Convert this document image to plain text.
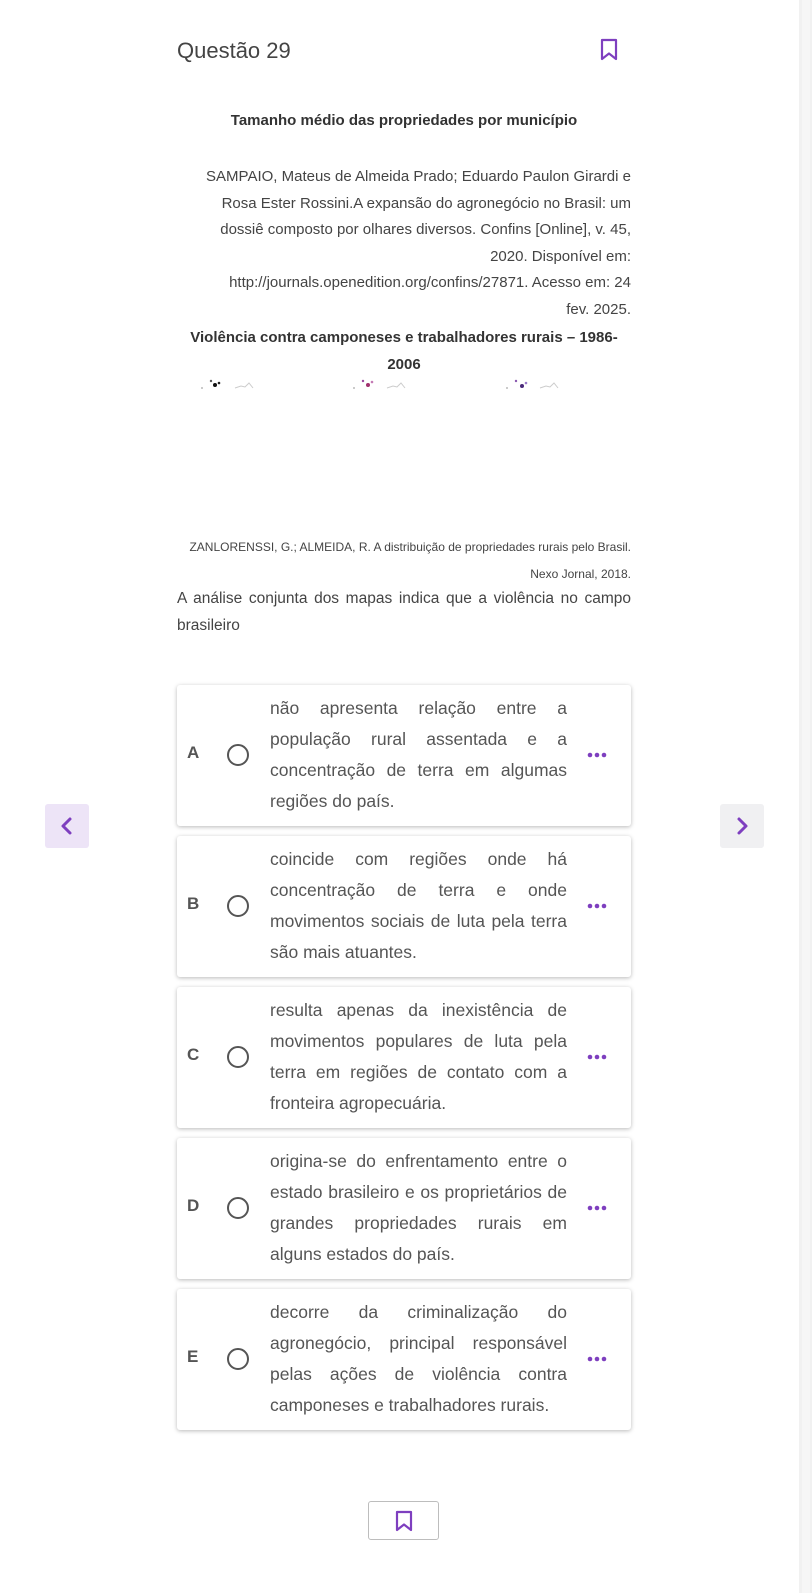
Questão 29
Tamanho médio das propriedades por município
SAMPAIO, Mateus de Almeida Prado; Eduardo Paulon Girardi e
Rosa Ester Rossini.A expansão do agronegócio no Brasil: um
dossiê composto por olhares diversos. Confins [Online], v. 45,
2020. Disponível em:
http://journals.openedition.org/confins/27871. Acesso em: 24
fev. 2025.
Violência contra camponeses e trabalhadores rurais – 1986-
2006
ZANLORENSSI, G.; ALMEIDA, R. A distribuição de propriedades rurais pelo Brasil.
Nexo Jornal, 2018.
A análise conjunta dos mapas indica que a violência no campo brasileiro
A
não apresenta relação entre a população rural assentada e a concentração de terra em algumas regiões do país.
B
coincide com regiões onde há concentração de terra e onde movimentos sociais de luta pela terra são mais atuantes.
C
resulta apenas da inexistência de movimentos populares de luta pela terra em regiões de contato com a fronteira agropecuária.
D
origina-se do enfrentamento entre o estado brasileiro e os proprietários de grandes propriedades rurais em alguns estados do país.
E
decorre da criminalização do agronegócio, principal responsável pelas ações de violência contra camponeses e trabalhadores rurais.
